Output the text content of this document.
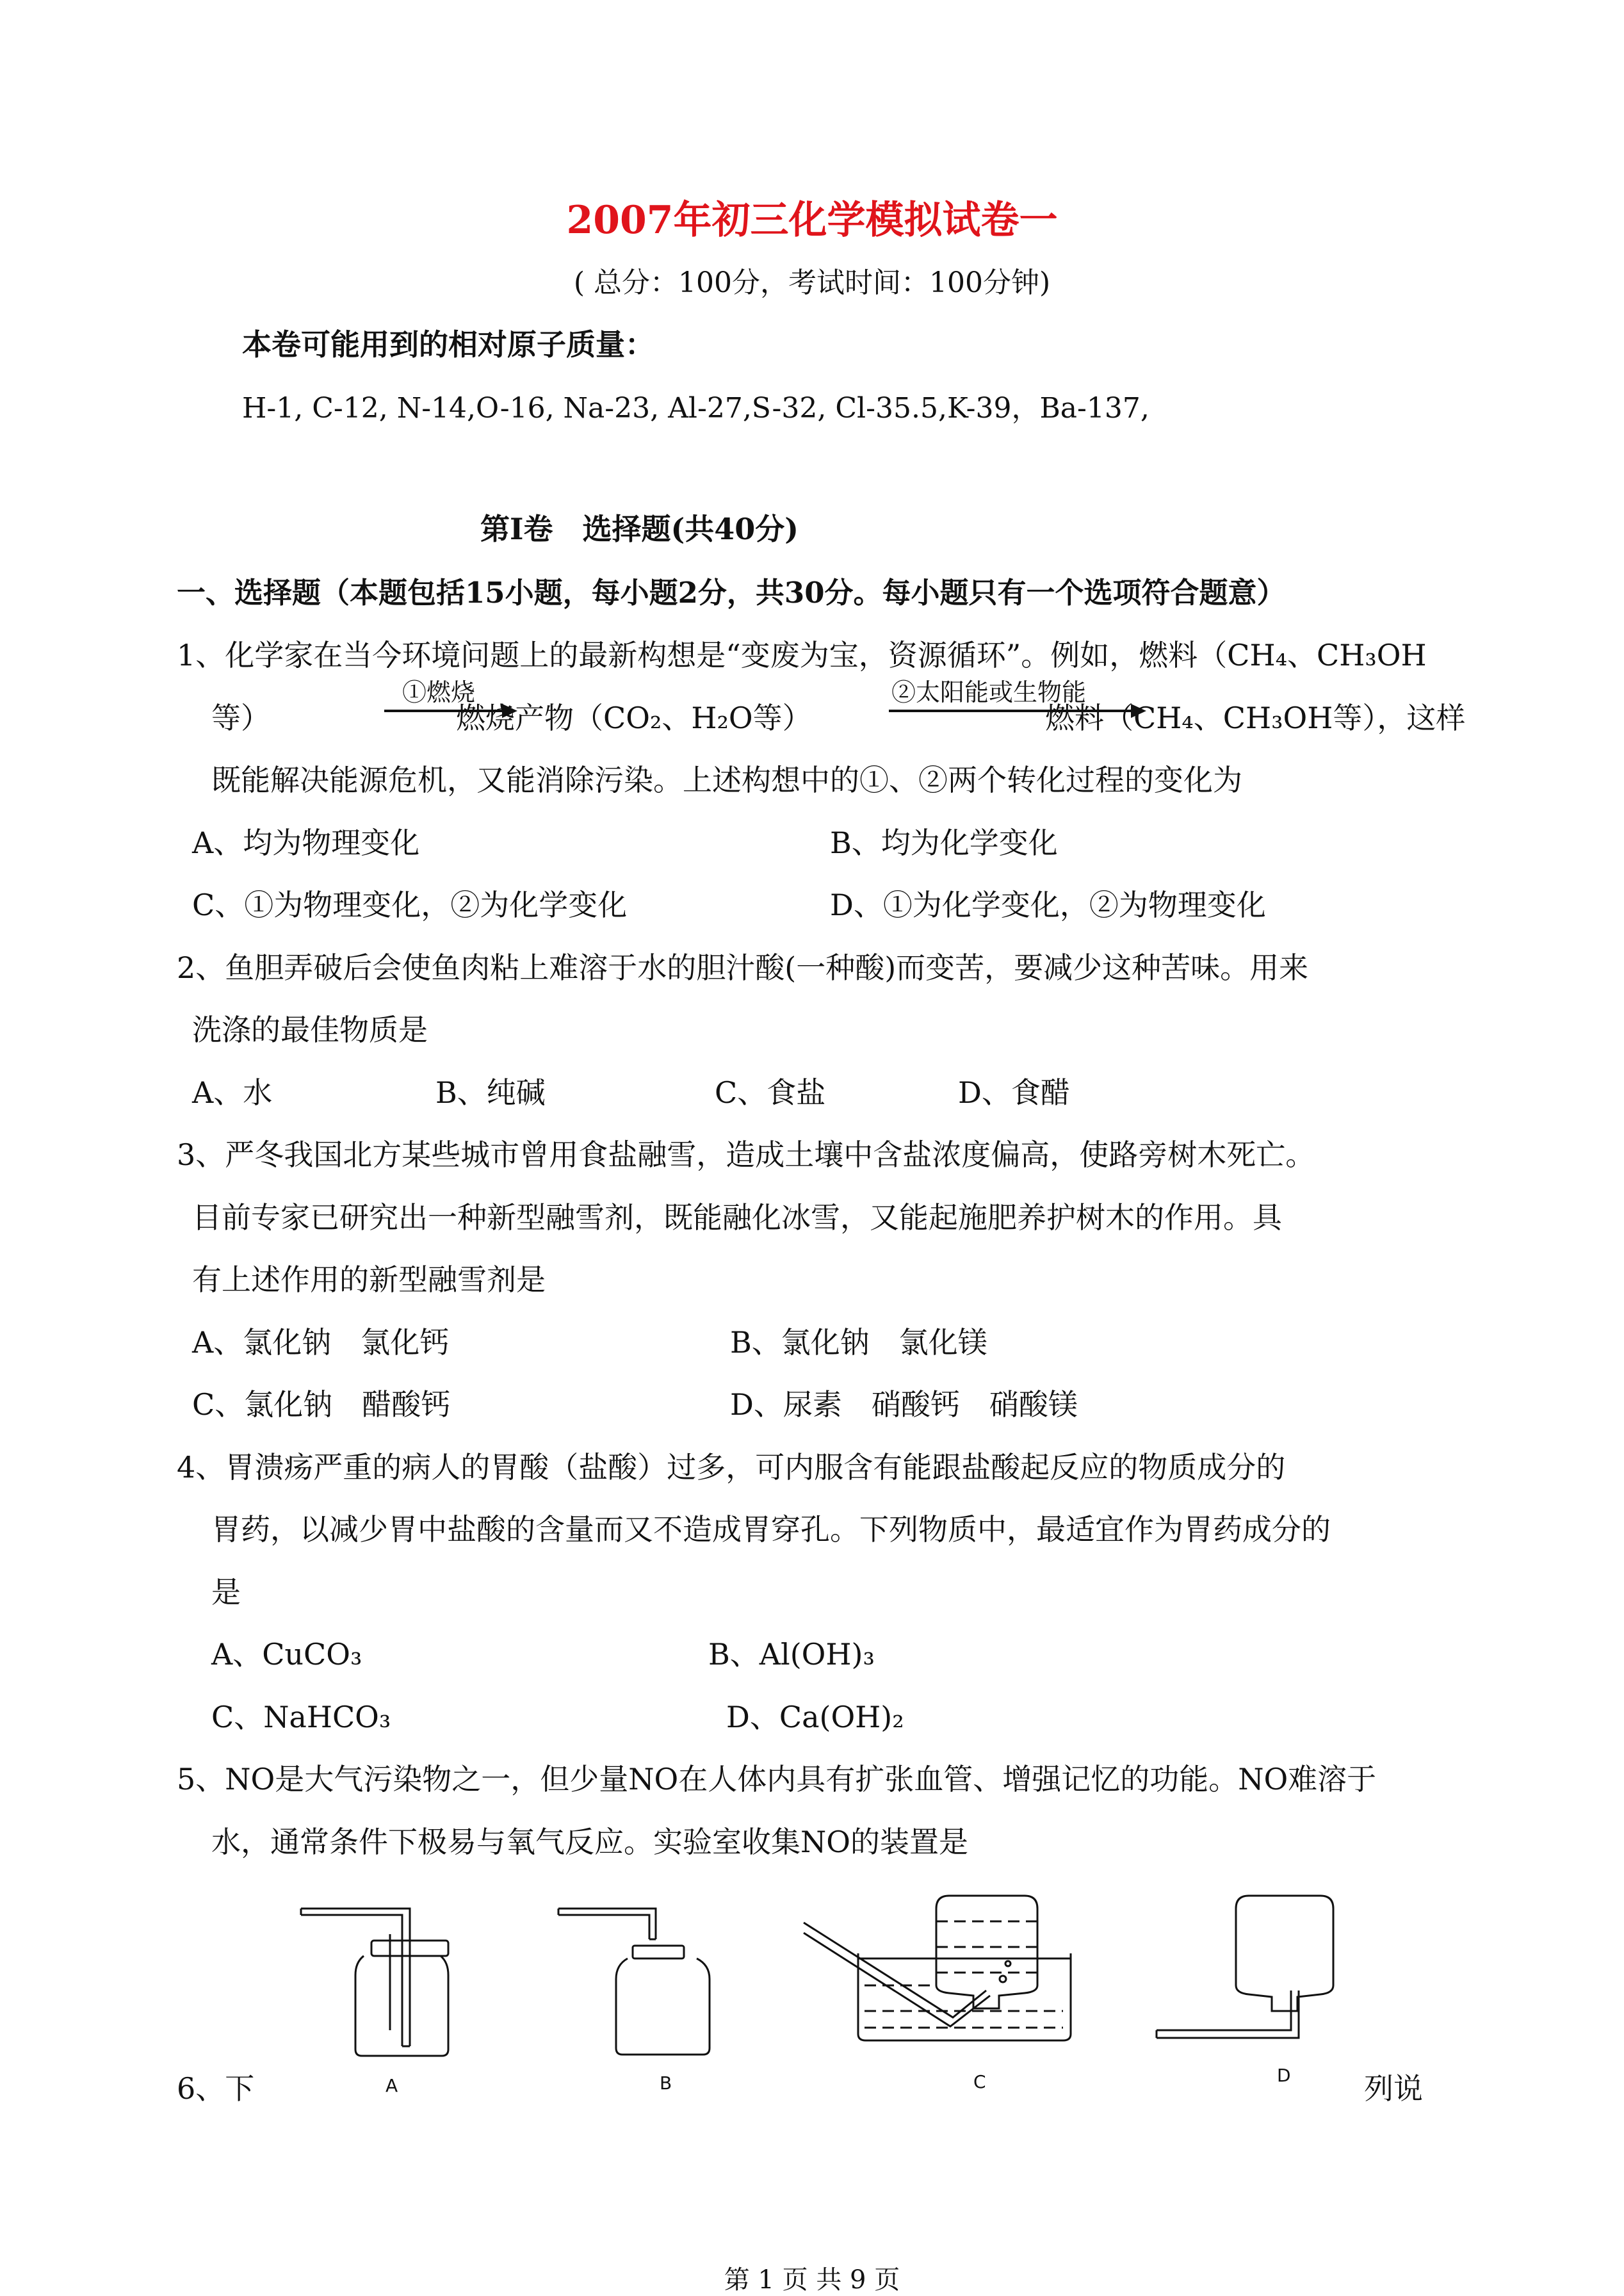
2007年初三化学模拟试卷一
( 总分：100分，考试时间：100分钟)
本卷可能用到的相对原子质量：
H-1, C-12, N-14,O-16, Na-23, Al-27,S-32, Cl-35.5,K-39，Ba-137,
第Ⅰ卷　选择题(共40分)
一、选择题（本题包括15小题，每小题2分，共30分。每小题只有一个选项符合题意）
1、化学家在当今环境问题上的最新构想是“变废为宝，资源循环”。例如，燃料（CH₄、CH₃OH
等）
①燃烧
燃烧产物（CO₂、H₂O等）
②太阳能或生物能
燃料（CH₄、CH₃OH等），这样
既能解决能源危机，又能消除污染。上述构想中的①、②两个转化过程的变化为
A、均为物理变化	B、均为化学变化
C、①为物理变化，②为化学变化	D、①为化学变化，②为物理变化
2、鱼胆弄破后会使鱼肉粘上难溶于水的胆汁酸(一种酸)而变苦，要减少这种苦味。用来
洗涤的最佳物质是
A、水	B、纯碱	C、食盐	D、食醋
3、严冬我国北方某些城市曾用食盐融雪，造成土壤中含盐浓度偏高，使路旁树木死亡。
目前专家已研究出一种新型融雪剂，既能融化冰雪，又能起施肥养护树木的作用。具
有上述作用的新型融雪剂是
A、氯化钠　氯化钙	B、氯化钠　氯化镁
C、氯化钠　醋酸钙	D、尿素　硝酸钙　硝酸镁
4、胃溃疡严重的病人的胃酸（盐酸）过多，可内服含有能跟盐酸起反应的物质成分的
胃药，以减少胃中盐酸的含量而又不造成胃穿孔。下列物质中，最适宜作为胃药成分的
是
A、CuCO₃	B、Al(OH)₃
C、NaHCO₃	D、Ca(OH)₂
5、NO是大气污染物之一，但少量NO在人体内具有扩张血管、增强记忆的功能。NO难溶于
水，通常条件下极易与氧气反应。实验室收集NO的装置是
A	B	C	D
6、下	列说
第 1 页 共 9 页
